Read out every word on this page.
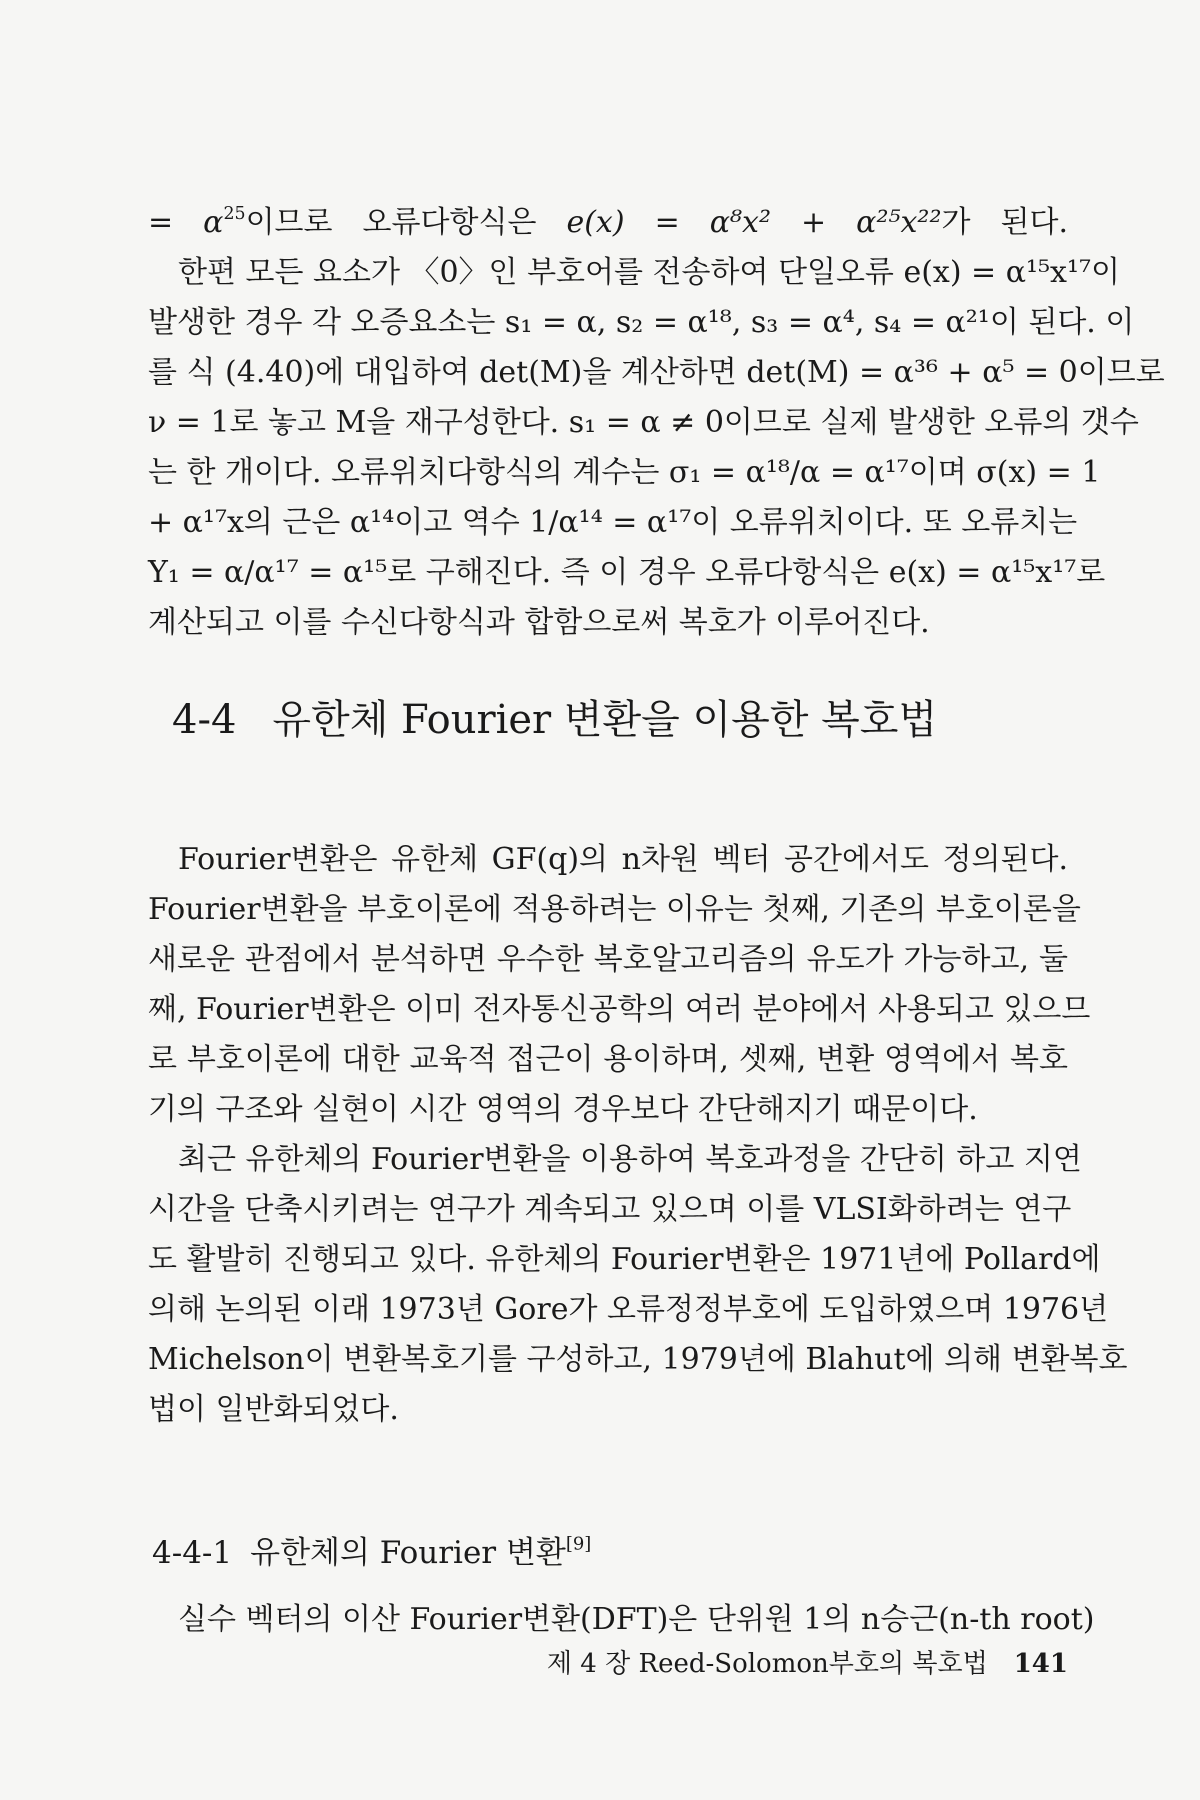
= $\alpha^{25}$이므로 오류다항식은 e(x) = α⁸x² + α²⁵x²²가 된다.
한편 모든 요소가 〈0〉인 부호어를 전송하여 단일오류 e(x) = α¹⁵x¹⁷이
발생한 경우 각 오증요소는 s₁ = α, s₂ = α¹⁸, s₃ = α⁴, s₄ = α²¹이 된다. 이
를 식 (4.40)에 대입하여 det(M)을 계산하면 det(M) = α³⁶ + α⁵ = 0이므로
ν = 1로 놓고 M을 재구성한다. s₁ = α ≠ 0이므로 실제 발생한 오류의 갯수
는 한 개이다. 오류위치다항식의 계수는 σ₁ = α¹⁸/α = α¹⁷이며 σ(x) = 1
+ α¹⁷x의 근은 α¹⁴이고 역수 1/α¹⁴ = α¹⁷이 오류위치이다. 또 오류치는
Y₁ = α/α¹⁷ = α¹⁵로 구해진다. 즉 이 경우 오류다항식은 e(x) = α¹⁵x¹⁷로
계산되고 이를 수신다항식과 합함으로써 복호가 이루어진다.
4-4 유한체 Fourier 변환을 이용한 복호법
Fourier변환은 유한체 GF(q)의 n차원 벡터 공간에서도 정의된다.
Fourier변환을 부호이론에 적용하려는 이유는 첫째, 기존의 부호이론을
새로운 관점에서 분석하면 우수한 복호알고리즘의 유도가 가능하고, 둘
째, Fourier변환은 이미 전자통신공학의 여러 분야에서 사용되고 있으므
로 부호이론에 대한 교육적 접근이 용이하며, 셋째, 변환 영역에서 복호
기의 구조와 실현이 시간 영역의 경우보다 간단해지기 때문이다.
최근 유한체의 Fourier변환을 이용하여 복호과정을 간단히 하고 지연
시간을 단축시키려는 연구가 계속되고 있으며 이를 VLSI화하려는 연구
도 활발히 진행되고 있다. 유한체의 Fourier변환은 1971년에 Pollard에
의해 논의된 이래 1973년 Gore가 오류정정부호에 도입하였으며 1976년
Michelson이 변환복호기를 구성하고, 1979년에 Blahut에 의해 변환복호
법이 일반화되었다.
4-4-1 유한체의 Fourier 변환[9]
실수 벡터의 이산 Fourier변환(DFT)은 단위원 1의 n승근(n-th root)
제 4 장 Reed-Solomon부호의 복호법 141
